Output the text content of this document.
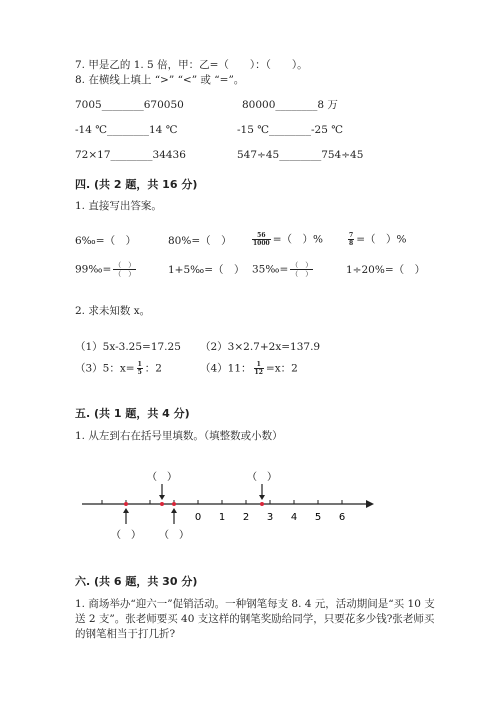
7. 甲是乙的 1. 5 倍，甲：乙=（　　）：（　　）。
8. 在横线上填上 “>” “<” 或 “=”。
7005________670050	80000________8 万
-14 ℃________14 ℃	-15 ℃________-25 ℃
72×17________34436	547÷45________754÷45
四. (共 2 题，共 16 分)
1. 直接写出答案。
6‰=（　）	80%=（　）	$\frac{56}{1000}$ =（　）%	$\frac{7}{8}$ =（　）%
99‰= $\frac{( )}{( )}$	1+5‰=（　） 35‰= $\frac{( )}{( )}$	1÷20%=（　）
2. 求未知数 x。
（1）5x-3.25=17.25 （2）3×2.7+2x=137.9
（3）5：$x= \frac{1}{5}$ ：2	（4）11： $\frac{1}{12} =x$：2
五. (共 1 题，共 4 分)
1. 从左到右在括号里填数。（填整数或小数）
0 1 2 3 4 5 6
（　）	（　）
（　） （　）
六. (共 6 题，共 30 分)
1. 商场举办“迎六一”促销活动。一种钢笔每支 8. 4 元，活动期间是“买 10 支
送 2 支”。张老师要买 40 支这样的钢笔奖励给同学，只要花多少钱?张老师买
的钢笔相当于打几折?
